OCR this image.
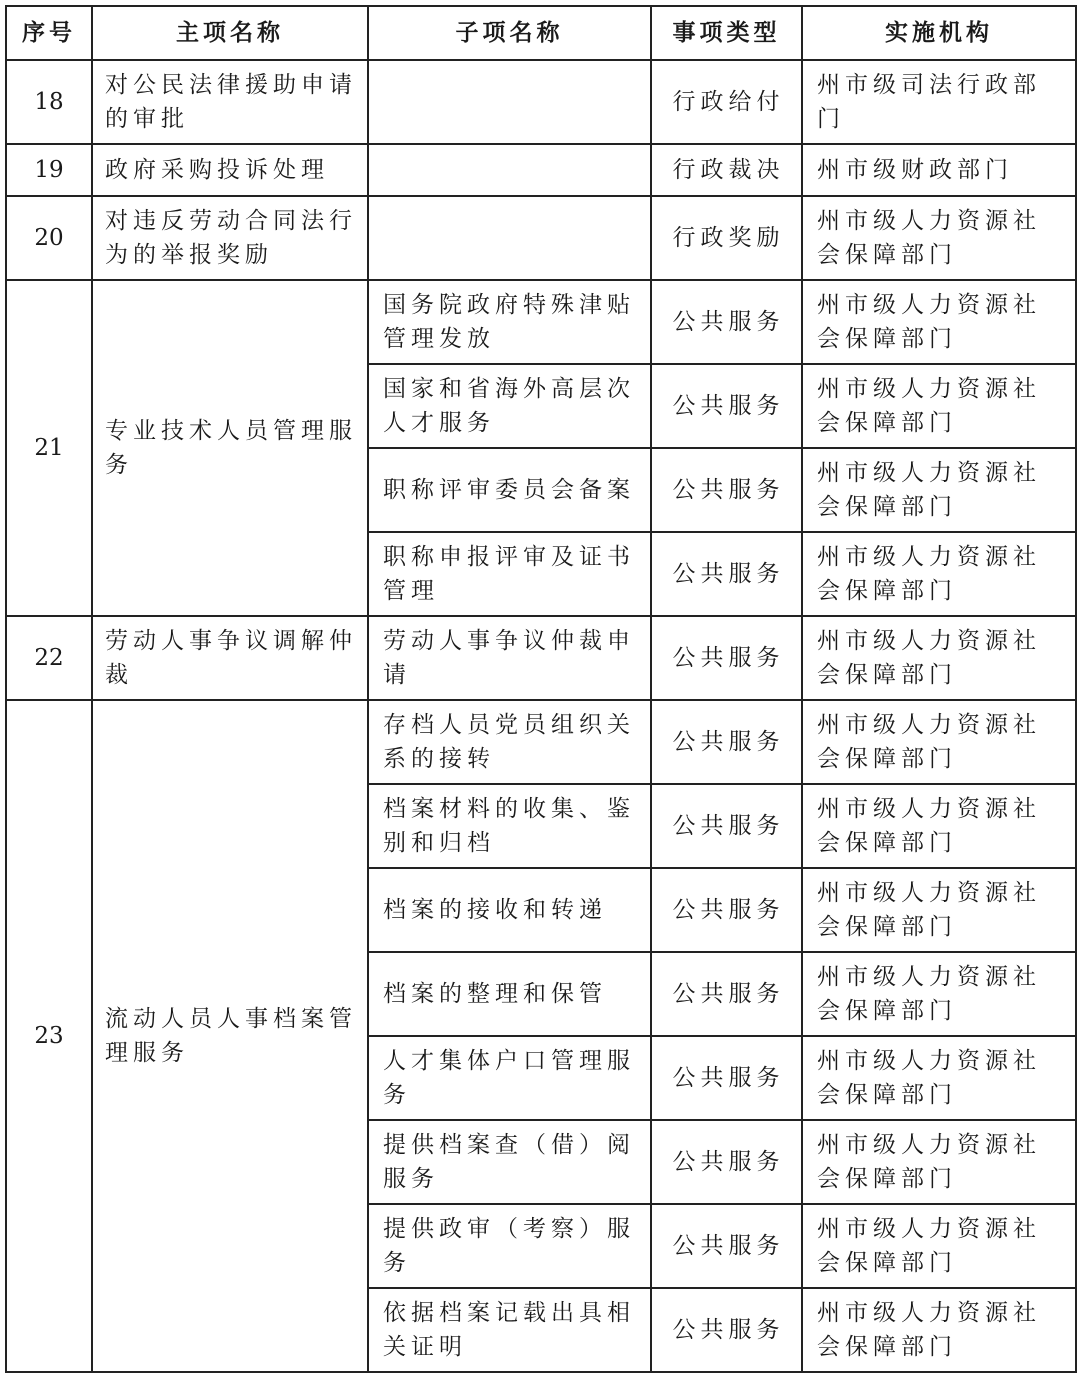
序号	主项名称	子项名称	事项类型	实施机构
18	对公民法律援助申请的审批		行政给付	州市级司法行政部门
19	政府采购投诉处理		行政裁决	州市级财政部门
20	对违反劳动合同法行为的举报奖励		行政奖励	州市级人力资源社会保障部门
21	专业技术人员管理服务	国务院政府特殊津贴管理发放	公共服务	州市级人力资源社会保障部门
		国家和省海外高层次人才服务	公共服务	州市级人力资源社会保障部门
		职称评审委员会备案	公共服务	州市级人力资源社会保障部门
		职称申报评审及证书管理	公共服务	州市级人力资源社会保障部门
22	劳动人事争议调解仲裁	劳动人事争议仲裁申请	公共服务	州市级人力资源社会保障部门
23	流动人员人事档案管理服务	存档人员党员组织关系的接转	公共服务	州市级人力资源社会保障部门
		档案材料的收集、鉴别和归档	公共服务	州市级人力资源社会保障部门
		档案的接收和转递	公共服务	州市级人力资源社会保障部门
		档案的整理和保管	公共服务	州市级人力资源社会保障部门
		人才集体户口管理服务	公共服务	州市级人力资源社会保障部门
		提供档案查（借）阅服务	公共服务	州市级人力资源社会保障部门
		提供政审（考察）服务	公共服务	州市级人力资源社会保障部门
		依据档案记载出具相关证明	公共服务	州市级人力资源社会保障部门
